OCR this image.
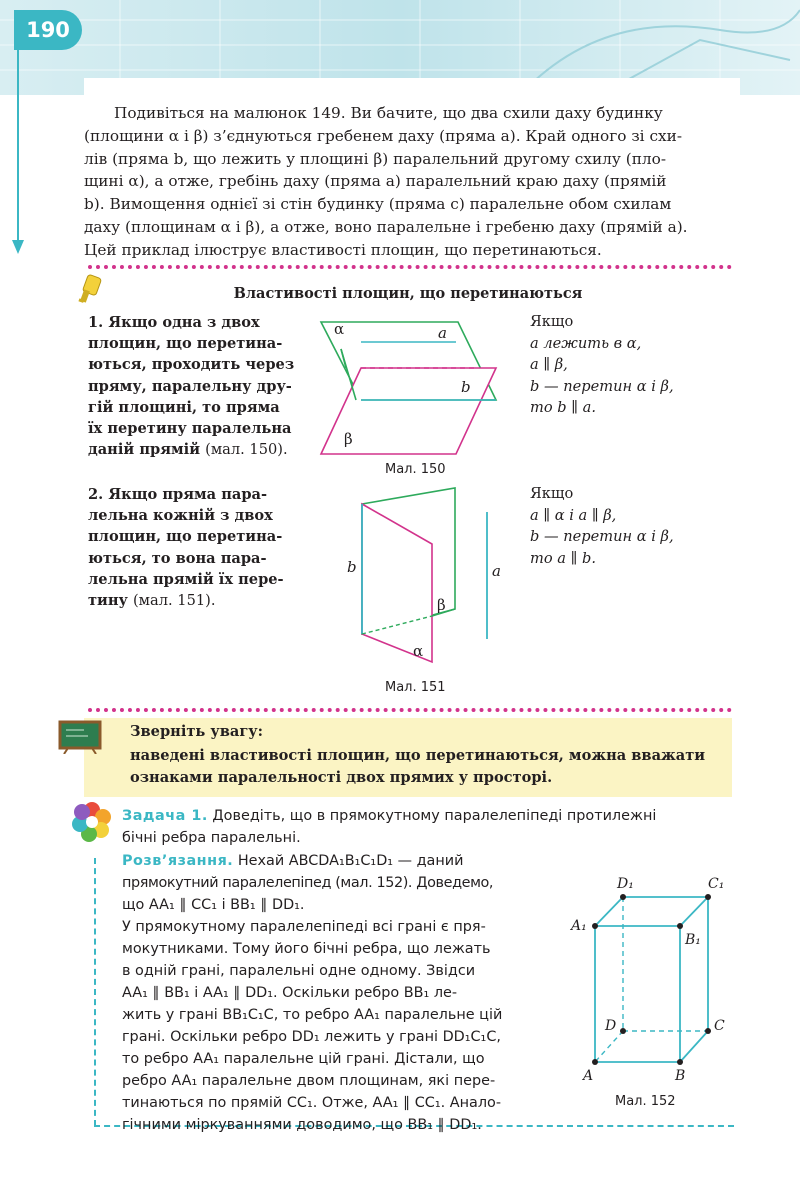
190
Подивіться на малюнок 149. Ви бачите, що два схили даху будинку
(площини α і β) з’єднуються гребенем даху (пряма a). Край одного зі схи-
лів (пряма b, що лежить у площині β) паралельний другому схилу (пло-
щині α), а отже, гребінь даху (пряма a) паралельний краю даху (прямій
b). Вимощення однієї зі стін будинку (пряма c) паралельне обом схилам
даху (площинам α і β), а отже, воно паралельне і гребеню даху (прямій a).
Цей приклад ілюструє властивості площин, що перетинаються.
Властивості площин, що перетинаються
1. Якщо одна з двох
площин, що перетина-
ються, проходить через
пряму, паралельну дру-
гій площині, то пряма
їх перетину паралельна
даній прямій (мал. 150).
α	a
b
β
Мал. 150
Якщо
a лежить в α,
a ∥ β,
b — перетин α і β,
то b ∥ a.
2. Якщо пряма пара-
лельна кожній з двох
площин, що перетина-
ються, то вона пара-
лельна прямій їх пере-
тину (мал. 151).
b	a
β
α
Мал. 151
Якщо
a ∥ α і a ∥ β,
b — перетин α і β,
то a ∥ b.
Зверніть увагу:
наведені властивості площин, що перетинаються, можна вважати
ознаками паралельності двох прямих у просторі.
Задача 1. Доведіть, що в прямокутному паралелепіпеді протилежні
бічні ребра паралельні.
Розв’язання. Нехай ABCDA₁B₁C₁D₁ — даний
прямокутний паралелепіпед (мал. 152). Доведемо,
що AA₁ ∥ CC₁ і BB₁ ∥ DD₁.
У прямокутному паралелепіпеді всі грані є пря-
мокутниками. Тому його бічні ребра, що лежать
в одній грані, паралельні одне одному. Звідси
AA₁ ∥ BB₁ і AA₁ ∥ DD₁. Оскільки ребро BB₁ ле-
жить у грані BB₁C₁C, то ребро AA₁ паралельне цій
грані. Оскільки ребро DD₁ лежить у грані DD₁C₁C,
то ребро AA₁ паралельне цій грані. Дістали, що
ребро AA₁ паралельне двом площинам, які пере-
тинаються по прямій CC₁. Отже, AA₁ ∥ CC₁. Анало-
гічними міркуваннями доводимо, що BB₁ ∥ DD₁.
D₁	C₁
A₁
B₁
D	C
A	B
Мал. 152
